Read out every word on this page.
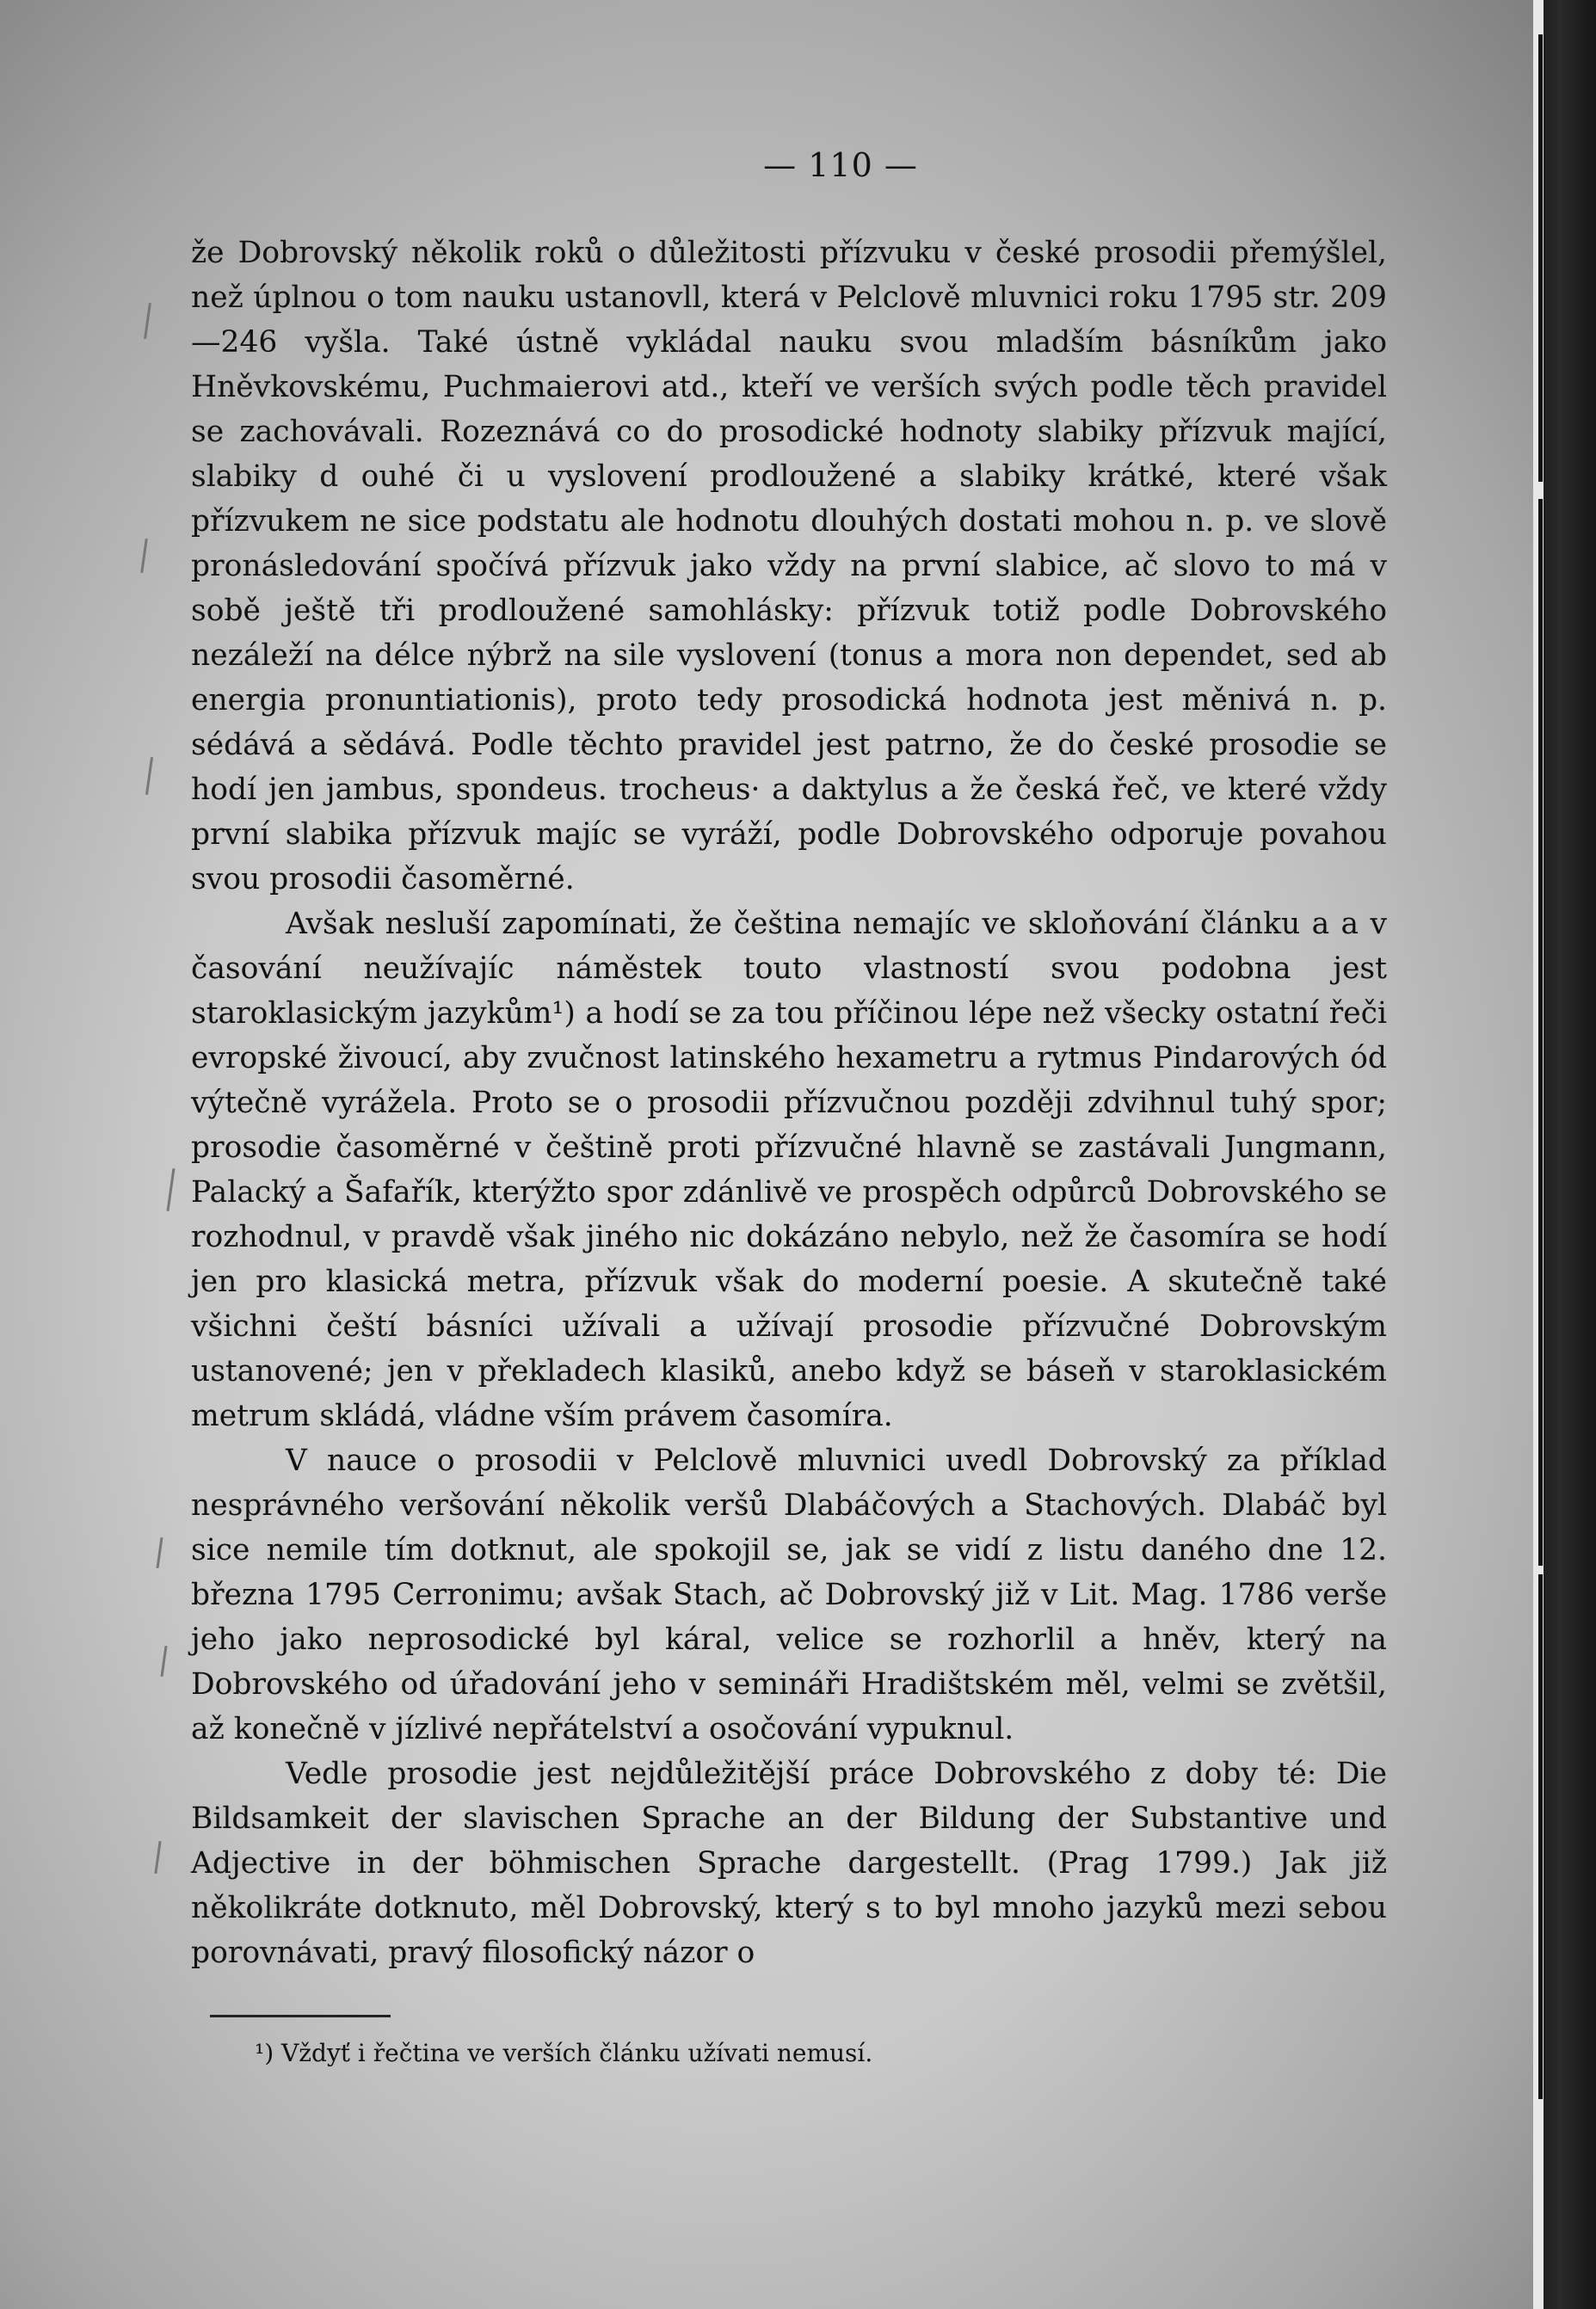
— 110 —

že Dobrovský několik roků o důležitosti přízvuku v české prosodii přemýšlel, než úplnou o tom nauku ustanovll, která v Pelclově mluvnici roku 1795 str. 209—246 vyšla. Také ústně vykládal nauku svou mladším básníkům jako Hněvkovskému, Puchmaierovi atd., kteří ve verších svých podle těch pravidel se zachovávali. Rozeznává co do prosodické hodnoty slabiky přízvuk mající, slabiky d ouhé či u vyslovení prodloužené a slabiky krátké, které však přízvukem ne sice podstatu ale hodnotu dlouhých dostati mohou n. p. ve slově pronásledování spočívá přízvuk jako vždy na první slabice, ač slovo to má v sobě ještě tři prodloužené samohlásky: přízvuk totiž podle Dobrovského nezáleží na délce nýbrž na sile vyslovení (tonus a mora non dependet, sed ab energia pronuntiationis), proto tedy prosodická hodnota jest měnivá n. p. sédává a sědává. Podle těchto pravidel jest patrno, že do české prosodie se hodí jen jambus, spondeus. trocheus· a daktylus a že česká řeč, ve které vždy první slabika přízvuk majíc se vyráží, podle Dobrovského odporuje povahou svou prosodii časoměrné.

Avšak nesluší zapomínati, že čeština nemajíc ve skloňování článku a a v časování neužívajíc náměstek touto vlastností svou podobna jest staroklasickým jazykům¹) a hodí se za tou příčinou lépe než všecky ostatní řeči evropské živoucí, aby zvučnost latinského hexametru a rytmus Pindarových ód výtečně vyrážela. Proto se o prosodii přízvučnou později zdvihnul tuhý spor; prosodie časoměrné v češtině proti přízvučné hlavně se zastávali Jungmann, Palacký a Šafařík, kterýžto spor zdánlivě ve prospěch odpůrců Dobrovského se rozhodnul, v pravdě však jiného nic dokázáno nebylo, než že časomíra se hodí jen pro klasická metra, přízvuk však do moderní poesie. A skutečně také všichni čeští básníci užívali a užívají prosodie přízvučné Dobrovským ustanovené; jen v překladech klasiků, anebo když se báseň v staroklasickém metrum skládá, vládne vším právem časomíra.

V nauce o prosodii v Pelclově mluvnici uvedl Dobrovský za příklad nesprávného veršování několik veršů Dlabáčových a Stachových. Dlabáč byl sice nemile tím dotknut, ale spokojil se, jak se vidí z listu daného dne 12. března 1795 Cerronimu; avšak Stach, ač Dobrovský již v Lit. Mag. 1786 verše jeho jako neprosodické byl káral, velice se rozhorlil a hněv, který na Dobrovského od úřadování jeho v semináři Hradištském měl, velmi se zvětšil, až konečně v jízlivé nepřátelství a osočování vypuknul.

Vedle prosodie jest nejdůležitější práce Dobrovského z doby té: Die Bildsamkeit der slavischen Sprache an der Bildung der Substantive und Adjective in der böhmischen Sprache dargestellt. (Prag 1799.) Jak již několikráte dotknuto, měl Dobrovský, který s to byl mnoho jazyků mezi sebou porovnávati, pravý filosofický názor o

¹) Vždyť i řečtina ve verších článku užívati nemusí.
